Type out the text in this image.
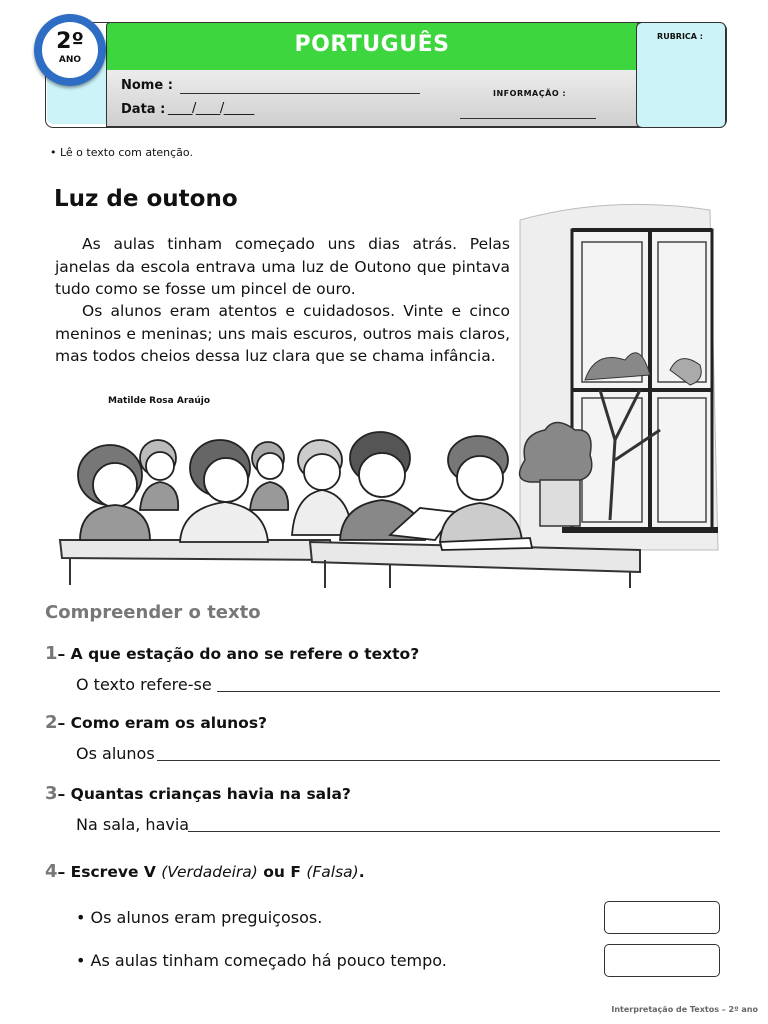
PORTUGUÊS	RUBRICA :
2º
ANO
Nome :
Data : ____/____/_____
INFORMAÇÃO :
• Lê o texto com atenção.
Luz de outono
As aulas tinham começado uns dias atrás. Pelas janelas da escola entrava uma luz de Outono que pintava tudo como se fosse um pincel de ouro.
Os alunos eram atentos e cuidadosos. Vinte e cinco meninos e meninas; uns mais escuros, outros mais claros, mas todos cheios dessa luz clara que se chama infância.
Matilde Rosa Araújo
Compreender o texto
1– A que estação do ano se refere o texto?
O texto refere-se
2– Como eram os alunos?
Os alunos
3– Quantas crianças havia na sala?
Na sala, havia
4– Escreve V (Verdadeira) ou F (Falsa).
• Os alunos eram preguiçosos.
• As aulas tinham começado há pouco tempo.
Interpretação de Textos – 2º ano
